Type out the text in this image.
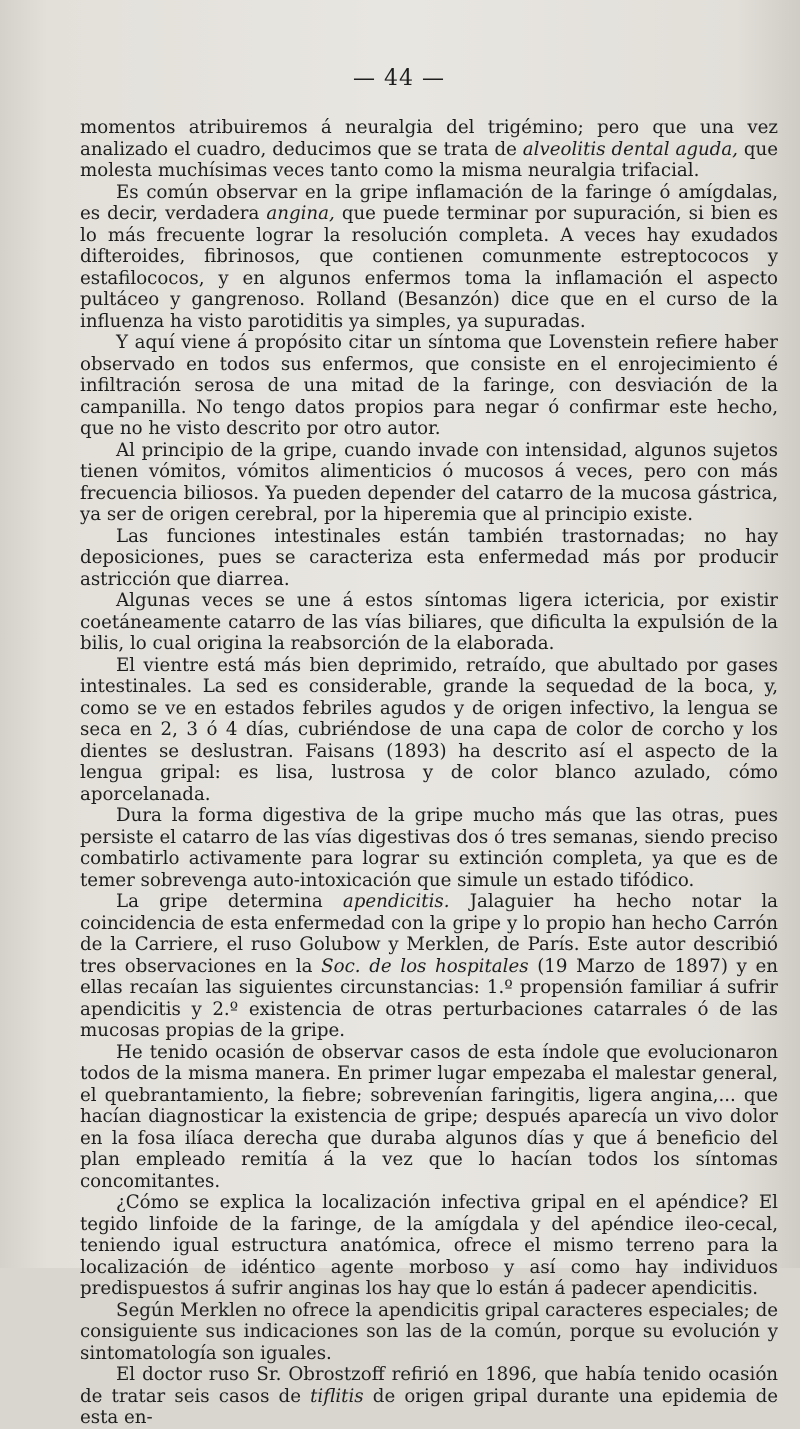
— 44 —

momentos atribuiremos á neuralgia del trigémino; pero que una vez analizado el cuadro, deducimos que se trata de alveolitis dental aguda, que molesta muchísimas veces tanto como la misma neuralgia trifacial.

Es común observar en la gripe inflamación de la faringe ó amígdalas, es decir, verdadera angina, que puede terminar por supuración, si bien es lo más frecuente lograr la resolución completa. A veces hay exudados difteroides, fibrinosos, que contienen comunmente estreptococos y estafilococos, y en algunos enfermos toma la inflamación el aspecto pultáceo y gangrenoso. Rolland (Besanzón) dice que en el curso de la influenza ha visto parotiditis ya simples, ya supuradas.

Y aquí viene á propósito citar un síntoma que Lovenstein refiere haber observado en todos sus enfermos, que consiste en el enrojecimiento é infiltración serosa de una mitad de la faringe, con desviación de la campanilla. No tengo datos propios para negar ó confirmar este hecho, que no he visto descrito por otro autor.

Al principio de la gripe, cuando invade con intensidad, algunos sujetos tienen vómitos, vómitos alimenticios ó mucosos á veces, pero con más frecuencia biliosos. Ya pueden depender del catarro de la mucosa gástrica, ya ser de origen cerebral, por la hiperemia que al principio existe.

Las funciones intestinales están también trastornadas; no hay deposiciones, pues se caracteriza esta enfermedad más por producir astricción que diarrea.

Algunas veces se une á estos síntomas ligera ictericia, por existir coetáneamente catarro de las vías biliares, que dificulta la expulsión de la bilis, lo cual origina la reabsorción de la elaborada.

El vientre está más bien deprimido, retraído, que abultado por gases intestinales. La sed es considerable, grande la sequedad de la boca, y, como se ve en estados febriles agudos y de origen infectivo, la lengua se seca en 2, 3 ó 4 días, cubriéndose de una capa de color de corcho y los dientes se deslustran. Faisans (1893) ha descrito así el aspecto de la lengua gripal: es lisa, lustrosa y de color blanco azulado, cómo aporcelanada.

Dura la forma digestiva de la gripe mucho más que las otras, pues persiste el catarro de las vías digestivas dos ó tres semanas, siendo preciso combatirlo activamente para lograr su extinción completa, ya que es de temer sobrevenga auto-intoxicación que simule un estado tifódico.

La gripe determina apendicitis. Jalaguier ha hecho notar la coincidencia de esta enfermedad con la gripe y lo propio han hecho Carrón de la Carriere, el ruso Golubow y Merklen, de París. Este autor describió tres observaciones en la Soc. de los hospitales (19 Marzo de 1897) y en ellas recaían las siguientes circunstancias: 1.º propensión familiar á sufrir apendicitis y 2.º existencia de otras perturbaciones catarrales ó de las mucosas propias de la gripe.

He tenido ocasión de observar casos de esta índole que evolucionaron todos de la misma manera. En primer lugar empezaba el malestar general, el quebrantamiento, la fiebre; sobrevenían faringitis, ligera angina,... que hacían diagnosticar la existencia de gripe; después aparecía un vivo dolor en la fosa ilíaca derecha que duraba algunos días y que á beneficio del plan empleado remitía á la vez que lo hacían todos los síntomas concomitantes.

¿Cómo se explica la localización infectiva gripal en el apéndice? El tegido linfoide de la faringe, de la amígdala y del apéndice ileo-cecal, teniendo igual estructura anatómica, ofrece el mismo terreno para la localización de idéntico agente morboso y así como hay individuos predispuestos á sufrir anginas los hay que lo están á padecer apendicitis.

Según Merklen no ofrece la apendicitis gripal caracteres especiales; de consiguiente sus indicaciones son las de la común, porque su evolución y sintomatología son iguales.

El doctor ruso Sr. Obrostzoff refirió en 1896, que había tenido ocasión de tratar seis casos de tiflitis de origen gripal durante una epidemia de esta en-
